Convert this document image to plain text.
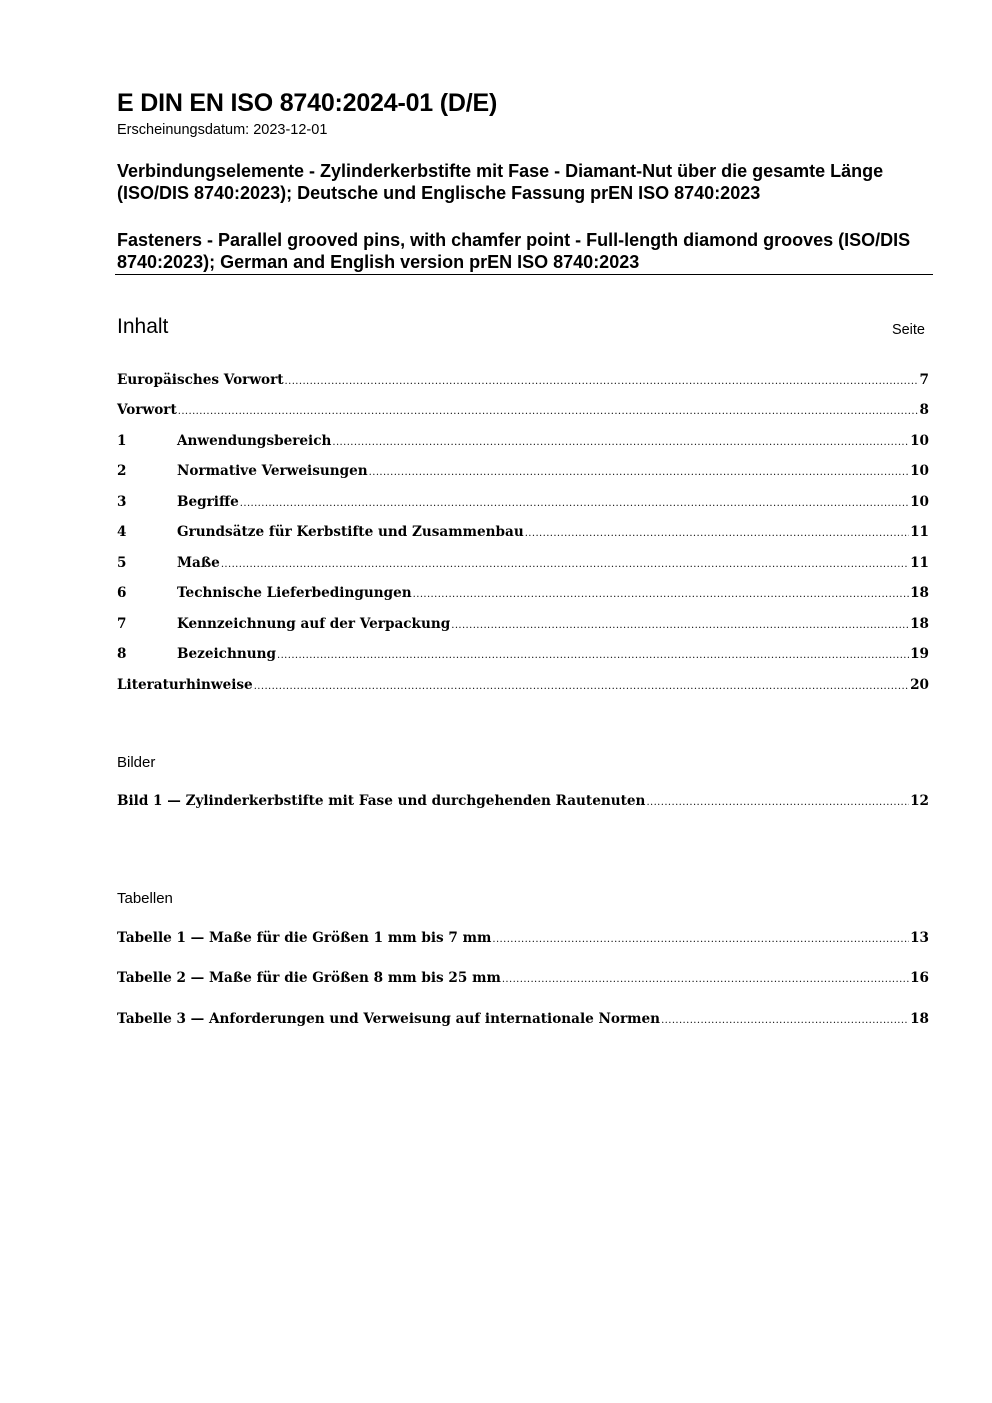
E DIN EN ISO 8740:2024-01 (D/E)
Erscheinungsdatum: 2023-12-01
Verbindungselemente - Zylinderkerbstifte mit Fase - Diamant-Nut über die gesamte Länge (ISO/DIS 8740:2023); Deutsche und Englische Fassung prEN ISO 8740:2023
Fasteners - Parallel grooved pins, with chamfer point - Full-length diamond grooves (ISO/DIS 8740:2023); German and English version prEN ISO 8740:2023
Inhalt	Seite
Europäisches Vorwort .....	7
Vorwort .....	8
1	Anwendungsbereich .....	10
2	Normative Verweisungen .....	10
3	Begriffe .....	10
4	Grundsätze für Kerbstifte und Zusammenbau .....	11
5	Maße .....	11
6	Technische Lieferbedingungen .....	18
7	Kennzeichnung auf der Verpackung .....	18
8	Bezeichnung .....	19
Literaturhinweise .....	20
Bilder
Bild 1 — Zylinderkerbstifte mit Fase und durchgehenden Rautenuten .....	12
Tabellen
Tabelle 1 — Maße für die Größen 1 mm bis 7 mm .....	13
Tabelle 2 — Maße für die Größen 8 mm bis 25 mm .....	16
Tabelle 3 — Anforderungen und Verweisung auf internationale Normen .....	18
